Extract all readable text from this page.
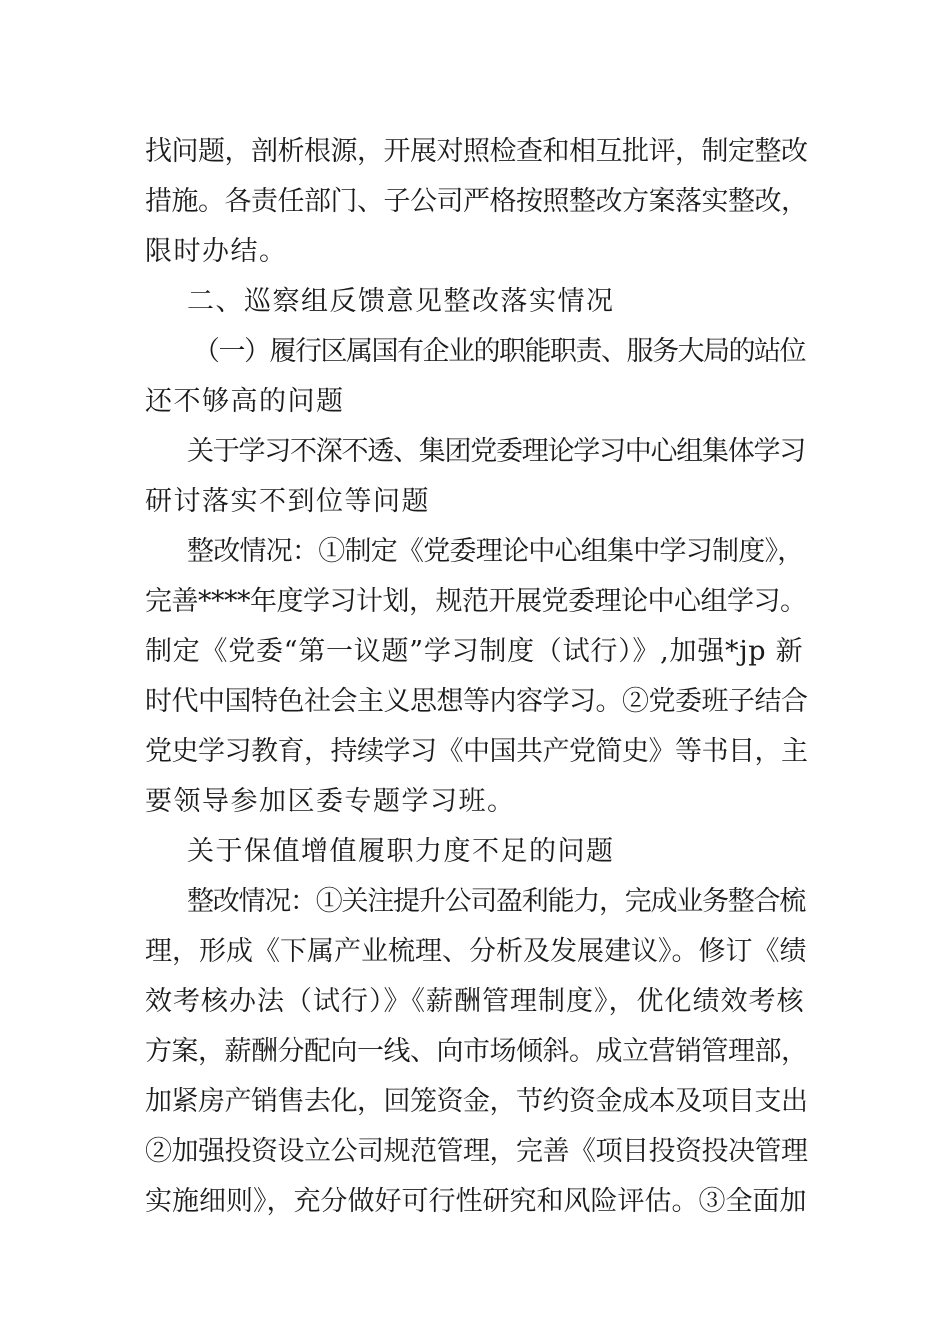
找问题，剖析根源，开展对照检查和相互批评，制定整改
措施。各责任部门、子公司严格按照整改方案落实整改，
限时办结。
二、巡察组反馈意见整改落实情况
（一）履行区属国有企业的职能职责、服务大局的站位
还不够高的问题
关于学习不深不透、集团党委理论学习中心组集体学习
研讨落实不到位等问题
整改情况：①制定《党委理论中心组集中学习制度》，
完善****年度学习计划，规范开展党委理论中心组学习。
制定《党委“第一议题”学习制度（试行）》,加强*jp 新
时代中国特色社会主义思想等内容学习。②党委班子结合
党史学习教育，持续学习《中国共产党简史》等书目，主
要领导参加区委专题学习班。
关于保值增值履职力度不足的问题
整改情况：①关注提升公司盈利能力，完成业务整合梳
理，形成《下属产业梳理、分析及发展建议》。修订《绩
效考核办法（试行）》《薪酬管理制度》，优化绩效考核
方案，薪酬分配向一线、向市场倾斜。成立营销管理部，
加紧房产销售去化，回笼资金，节约资金成本及项目支出
②加强投资设立公司规范管理，完善《项目投资投决管理
实施细则》，充分做好可行性研究和风险评估。③全面加
